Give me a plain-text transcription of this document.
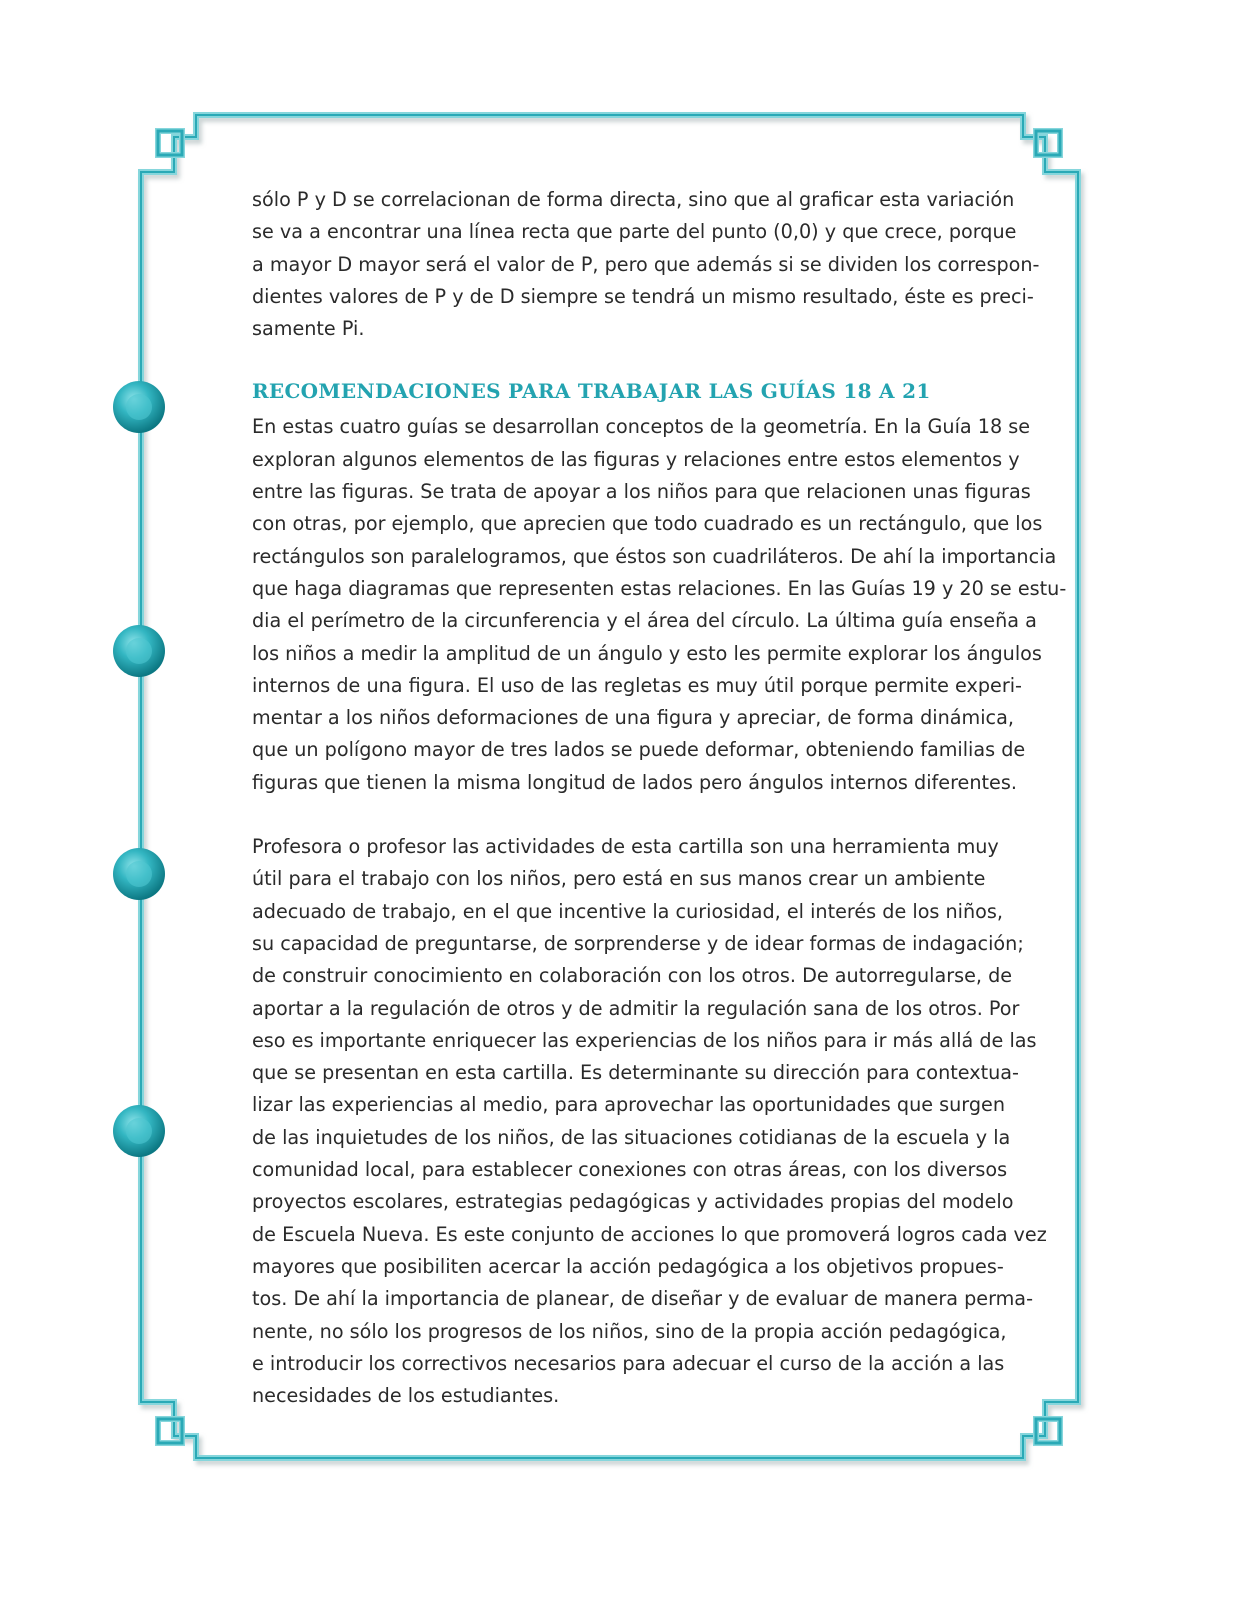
sólo P y D se correlacionan de forma directa, sino que al graficar esta variación
se va a encontrar una línea recta que parte del punto (0,0) y que crece, porque
a mayor D mayor será el valor de P, pero que además si se dividen los correspon-
dientes valores de P y de D siempre se tendrá un mismo resultado, éste es preci-
samente Pi.

RECOMENDACIONES PARA TRABAJAR LAS GUÍAS 18 A 21

En estas cuatro guías se desarrollan conceptos de la geometría. En la Guía 18 se
exploran algunos elementos de las figuras y relaciones entre estos elementos y
entre las figuras. Se trata de apoyar a los niños para que relacionen unas figuras
con otras, por ejemplo, que aprecien que todo cuadrado es un rectángulo, que los
rectángulos son paralelogramos, que éstos son cuadriláteros. De ahí la importancia
que haga diagramas que representen estas relaciones. En las Guías 19 y 20 se estu-
dia el perímetro de la circunferencia y el área del círculo. La última guía enseña a
los niños a medir la amplitud de un ángulo y esto les permite explorar los ángulos
internos de una figura. El uso de las regletas es muy útil porque permite experi-
mentar a los niños deformaciones de una figura y apreciar, de forma dinámica,
que un polígono mayor de tres lados se puede deformar, obteniendo familias de
figuras que tienen la misma longitud de lados pero ángulos internos diferentes.

Profesora o profesor las actividades de esta cartilla son una herramienta muy
útil para el trabajo con los niños, pero está en sus manos crear un ambiente
adecuado de trabajo, en el que incentive la curiosidad, el interés de los niños,
su capacidad de preguntarse, de sorprenderse y de idear formas de indagación;
de construir conocimiento en colaboración con los otros. De autorregularse, de
aportar a la regulación de otros y de admitir la regulación sana de los otros. Por
eso es importante enriquecer las experiencias de los niños para ir más allá de las
que se presentan en esta cartilla. Es determinante su dirección para contextua-
lizar las experiencias al medio, para aprovechar las oportunidades que surgen
de las inquietudes de los niños, de las situaciones cotidianas de la escuela y la
comunidad local, para establecer conexiones con otras áreas, con los diversos
proyectos escolares, estrategias pedagógicas y actividades propias del modelo
de Escuela Nueva. Es este conjunto de acciones lo que promoverá logros cada vez
mayores que posibiliten acercar la acción pedagógica a los objetivos propues-
tos. De ahí la importancia de planear, de diseñar y de evaluar de manera perma-
nente, no sólo los progresos de los niños, sino de la propia acción pedagógica,
e introducir los correctivos necesarios para adecuar el curso de la acción a las
necesidades de los estudiantes.
